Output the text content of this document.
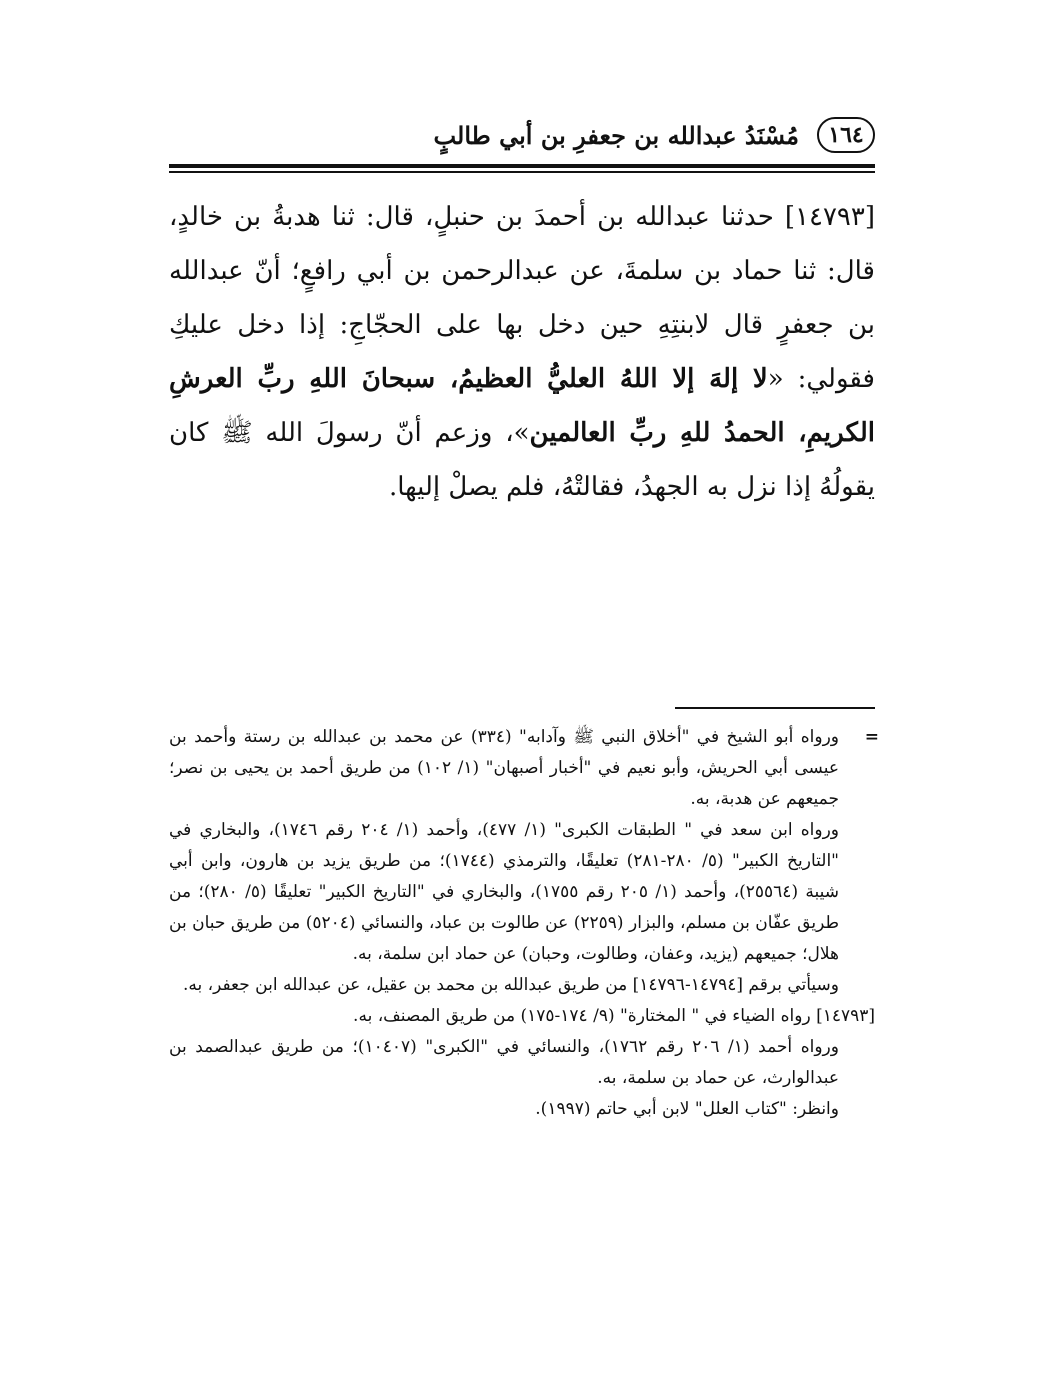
١٦٤
مُسْنَدُ عبدالله بن جعفرِ بن أبي طالبٍ
[١٤٧٩٣] حدثنا عبدالله بن أحمدَ بن حنبلٍ، قال: ثنا هدبةُ بن خالدٍ، قال: ثنا حماد بن سلمةَ، عن عبدالرحمن بن أبي رافعٍ؛ أنّ عبدالله بن جعفرٍ قال لابنتِهِ حين دخل بها على الحجّاجِ: إذا دخل عليكِ فقولي: «لا إلهَ إلا اللهُ العليُّ العظيمُ، سبحانَ اللهِ ربِّ العرشِ الكريمِ، الحمدُ للهِ ربِّ العالمين»، وزعم أنّ رسولَ الله ﷺ كان يقولُهُ إذا نزل به الجهدُ، فقالتْهُ، فلم يصلْ إليها.

=
ورواه أبو الشيخ في "أخلاق النبي ﷺ وآدابه" (٣٣٤) عن محمد بن عبدالله بن رستة وأحمد بن عيسى أبي الحريش، وأبو نعيم في "أخبار أصبهان" (١/ ١٠٢) من طريق أحمد بن يحيى بن نصر؛ جميعهم عن هدبة، به.

ورواه ابن سعد في " الطبقات الكبرى" (١/ ٤٧٧)، وأحمد (١/ ٢٠٤ رقم ١٧٤٦)، والبخاري في "التاريخ الكبير" (٥/ ٢٨٠-٢٨١) تعليقًا، والترمذي (١٧٤٤)؛ من طريق يزيد بن هارون، وابن أبي شيبة (٢٥٥٦٤)، وأحمد (١/ ٢٠٥ رقم ١٧٥٥)، والبخاري في "التاريخ الكبير" تعليقًا (٥/ ٢٨٠)؛ من طريق عفّان بن مسلم، والبزار (٢٢٥٩) عن طالوت بن عباد، والنسائي (٥٢٠٤) من طريق حبان بن هلال؛ جميعهم (يزيد، وعفان، وطالوت، وحبان) عن حماد ابن سلمة، به.

وسيأتي برقم [١٤٧٩٤-١٤٧٩٦] من طريق عبدالله بن محمد بن عقيل، عن عبدالله ابن جعفر، به.

[١٤٧٩٣] رواه الضياء في " المختارة" (٩/ ١٧٤-١٧٥) من طريق المصنف، به.

ورواه أحمد (١/ ٢٠٦ رقم ١٧٦٢)، والنسائي في "الكبرى" (١٠٤٠٧)؛ من طريق عبدالصمد بن عبدالوارث، عن حماد بن سلمة، به.

وانظر: "كتاب العلل" لابن أبي حاتم (١٩٩٧).
